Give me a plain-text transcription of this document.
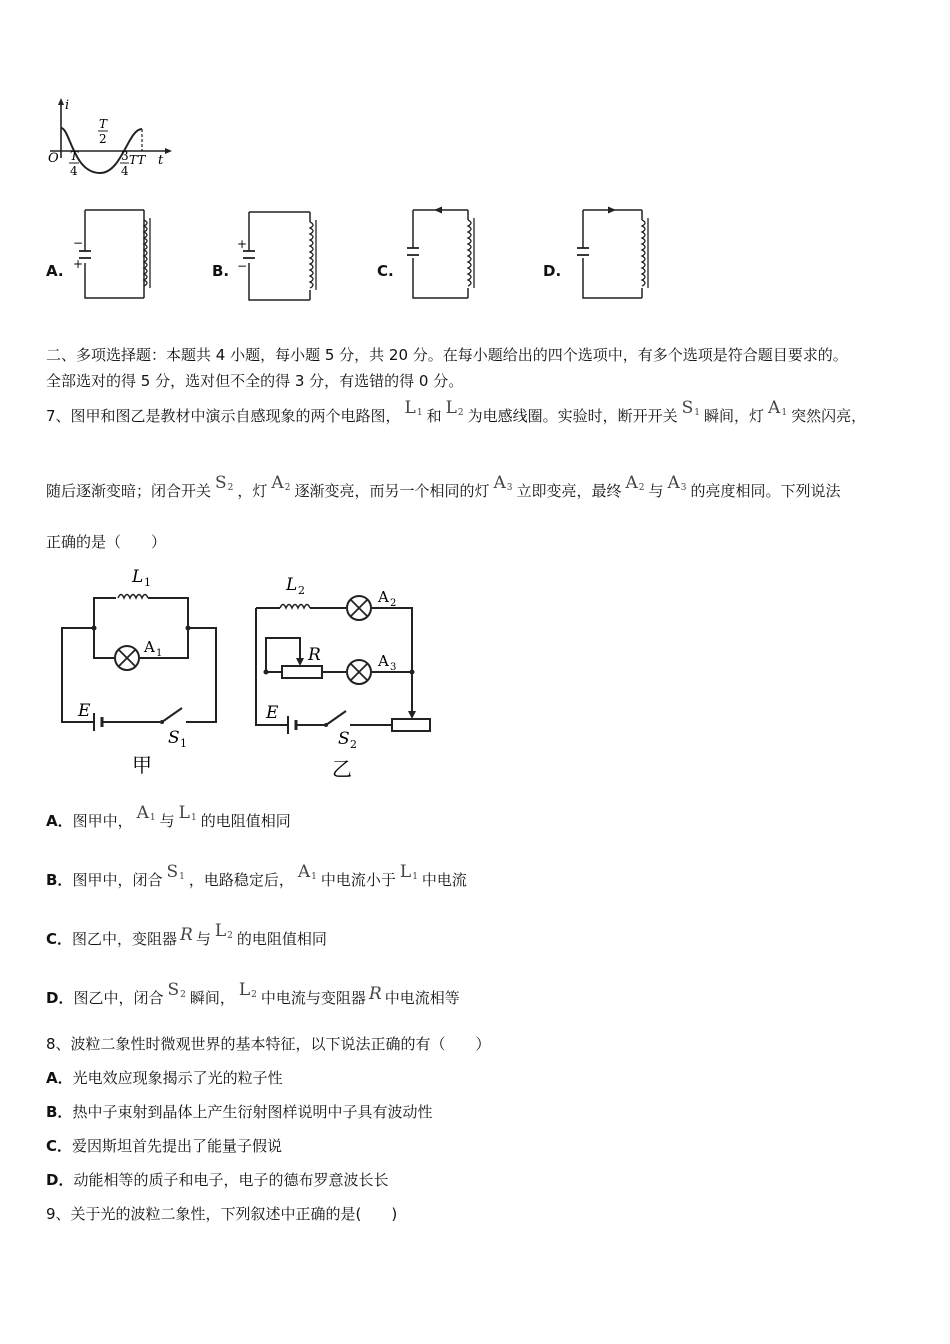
i
t
O
T
2
T
4
3
4
TT
A.
−
+	B.
+
−	C.	D.
二、多项选择题：本题共 4 小题，每小题 5 分，共 20 分。在每小题给出的四个选项中，有多个选项是符合题目要求的。
全部选对的得 5 分，选对但不全的得 3 分，有选错的得 0 分。
7、图甲和图乙是教材中演示自感现象的两个电路图， $L_1$ 和 $L_2$ 为电感线圈。实验时，断开开关 $S_1$ 瞬间，灯 $A_1$ 突然闪亮，
随后逐渐变暗；闭合开关 $S_2$ ，灯 $A_2$ 逐渐变亮，而另一个相同的灯 $A_3$ 立即变亮，最终 $A_2$ 与 $A_3$ 的亮度相同。下列说法
正确的是（　　）
L 1
A 1
E
S 1
甲
L 2	A 2
R	A 3
E
S 2
乙
A．图甲中， $A_1$ 与 $L_1$ 的电阻值相同
B．图甲中，闭合 $S_1$ ，电路稳定后， $A_1$ 中电流小于 $L_1$ 中电流
C．图乙中，变阻器 R 与 $L_2$ 的电阻值相同
D．图乙中，闭合 $S_2$ 瞬间， $L_2$ 中电流与变阻器 R 中电流相等
8、波粒二象性时微观世界的基本特征，以下说法正确的有（　　）
A．光电效应现象揭示了光的粒子性
B．热中子束射到晶体上产生衍射图样说明中子具有波动性
C．爱因斯坦首先提出了能量子假说
D．动能相等的质子和电子，电子的德布罗意波长长
9、关于光的波粒二象性，下列叙述中正确的是(　　)
